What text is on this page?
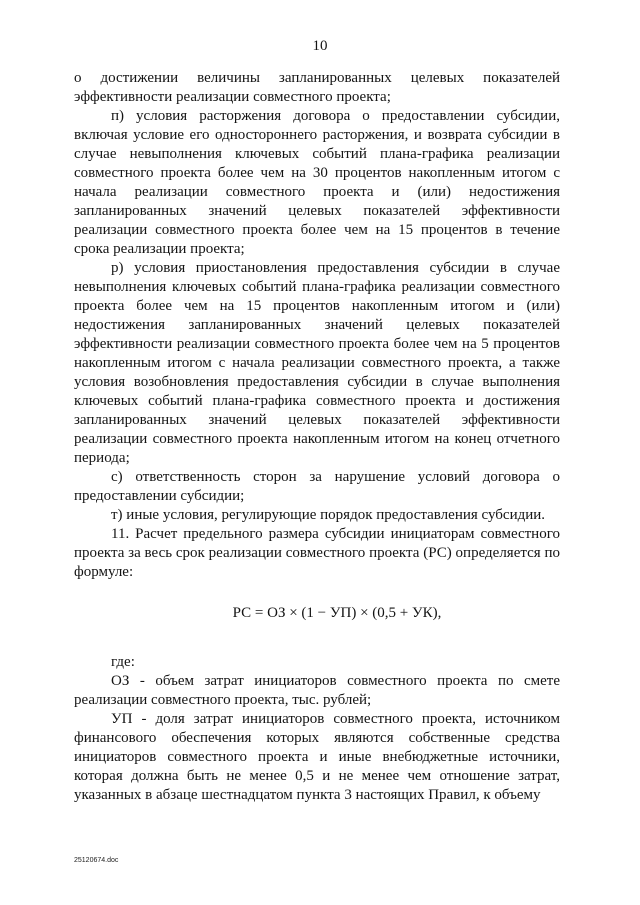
10

о достижении величины запланированных целевых показателей эффективности реализации совместного проекта;

п) условия расторжения договора о предоставлении субсидии, включая условие его одностороннего расторжения, и возврата субсидии в случае невыполнения ключевых событий плана-графика реализации совместного проекта более чем на 30 процентов накопленным итогом с начала реализации совместного проекта и (или) недостижения запланированных значений целевых показателей эффективности реализации совместного проекта более чем на 15 процентов в течение срока реализации проекта;

р) условия приостановления предоставления субсидии в случае невыполнения ключевых событий плана-графика реализации совместного проекта более чем на 15 процентов накопленным итогом и (или) недостижения запланированных значений целевых показателей эффективности реализации совместного проекта более чем на 5 процентов накопленным итогом с начала реализации совместного проекта, а также условия возобновления предоставления субсидии в случае выполнения ключевых событий плана-графика совместного проекта и достижения запланированных значений целевых показателей эффективности реализации совместного проекта накопленным итогом на конец отчетного периода;

с) ответственность сторон за нарушение условий договора о предоставлении субсидии;

т) иные условия, регулирующие порядок предоставления субсидии.

11. Расчет предельного размера субсидии инициаторам совместного проекта за весь срок реализации совместного проекта (РС) определяется по формуле:

РС = ОЗ × (1 − УП) × (0,5 + УК),

где:

ОЗ - объем затрат инициаторов совместного проекта по смете реализации совместного проекта, тыс. рублей;

УП - доля затрат инициаторов совместного проекта, источником финансового обеспечения которых являются собственные средства инициаторов совместного проекта и иные внебюджетные источники, которая должна быть не менее 0,5 и не менее чем отношение затрат, указанных в абзаце шестнадцатом пункта 3 настоящих Правил, к объему

25120674.doc
